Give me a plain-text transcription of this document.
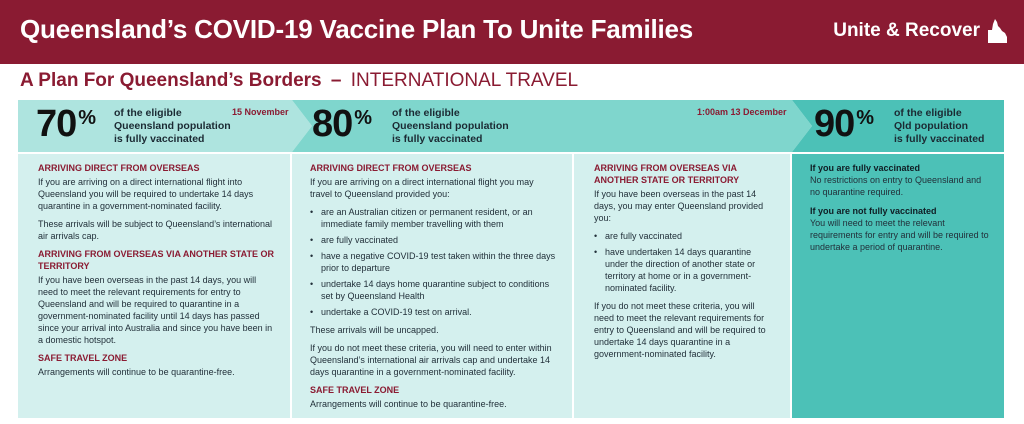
Queensland’s COVID-19 Vaccine Plan To Unite Families	Unite & Recover
A Plan For Queensland’s Borders – INTERNATIONAL TRAVEL
70 % of the eligible
Queensland population
is fully vaccinated
15 November 80 % of the eligible
Queensland population
is fully vaccinated
1:00am 13 December 90 % of the eligible
Qld population
is fully vaccinated
ARRIVING DIRECT FROM OVERSEAS

If you are arriving on a direct international flight into Queensland you will be required to undertake 14 days quarantine in a government-nominated facility.

These arrivals will be subject to Queensland’s international air arrivals cap.

ARRIVING FROM OVERSEAS VIA ANOTHER STATE OR TERRITORY

If you have been overseas in the past 14 days, you will need to meet the relevant requirements for entry to Queensland and will be required to quarantine in a government-nominated facility until 14 days has passed since your arrival into Australia and since you have been in a domestic hotspot.

SAFE TRAVEL ZONE

Arrangements will continue to be quarantine-free.

ARRIVING DIRECT FROM OVERSEAS

If you are arriving on a direct international flight you may travel to Queensland provided you:

• are an Australian citizen or permanent resident, or an immediate family member travelling with them
• are fully vaccinated
• have a negative COVID-19 test taken within the three days prior to departure
• undertake 14 days home quarantine subject to conditions set by Queensland Health
• undertake a COVID-19 test on arrival.

These arrivals will be uncapped.

If you do not meet these criteria, you will need to enter within Queensland’s international air arrivals cap and undertake 14 days quarantine in a government-nominated facility.

SAFE TRAVEL ZONE

Arrangements will continue to be quarantine-free.

ARRIVING FROM OVERSEAS VIA ANOTHER STATE OR TERRITORY

If you have been overseas in the past 14 days, you may enter Queensland provided you:

• are fully vaccinated
• have undertaken 14 days quarantine under the direction of another state or territory at home or in a government-nominated facility.

If you do not meet these criteria, you will need to meet the relevant requirements for entry to Queensland and will be required to undertake 14 days quarantine in a government-nominated facility.

If you are fully vaccinated

No restrictions on entry to Queensland and no quarantine required.

If you are not fully vaccinated

You will need to meet the relevant requirements for entry and will be required to undertake a period of quarantine.
